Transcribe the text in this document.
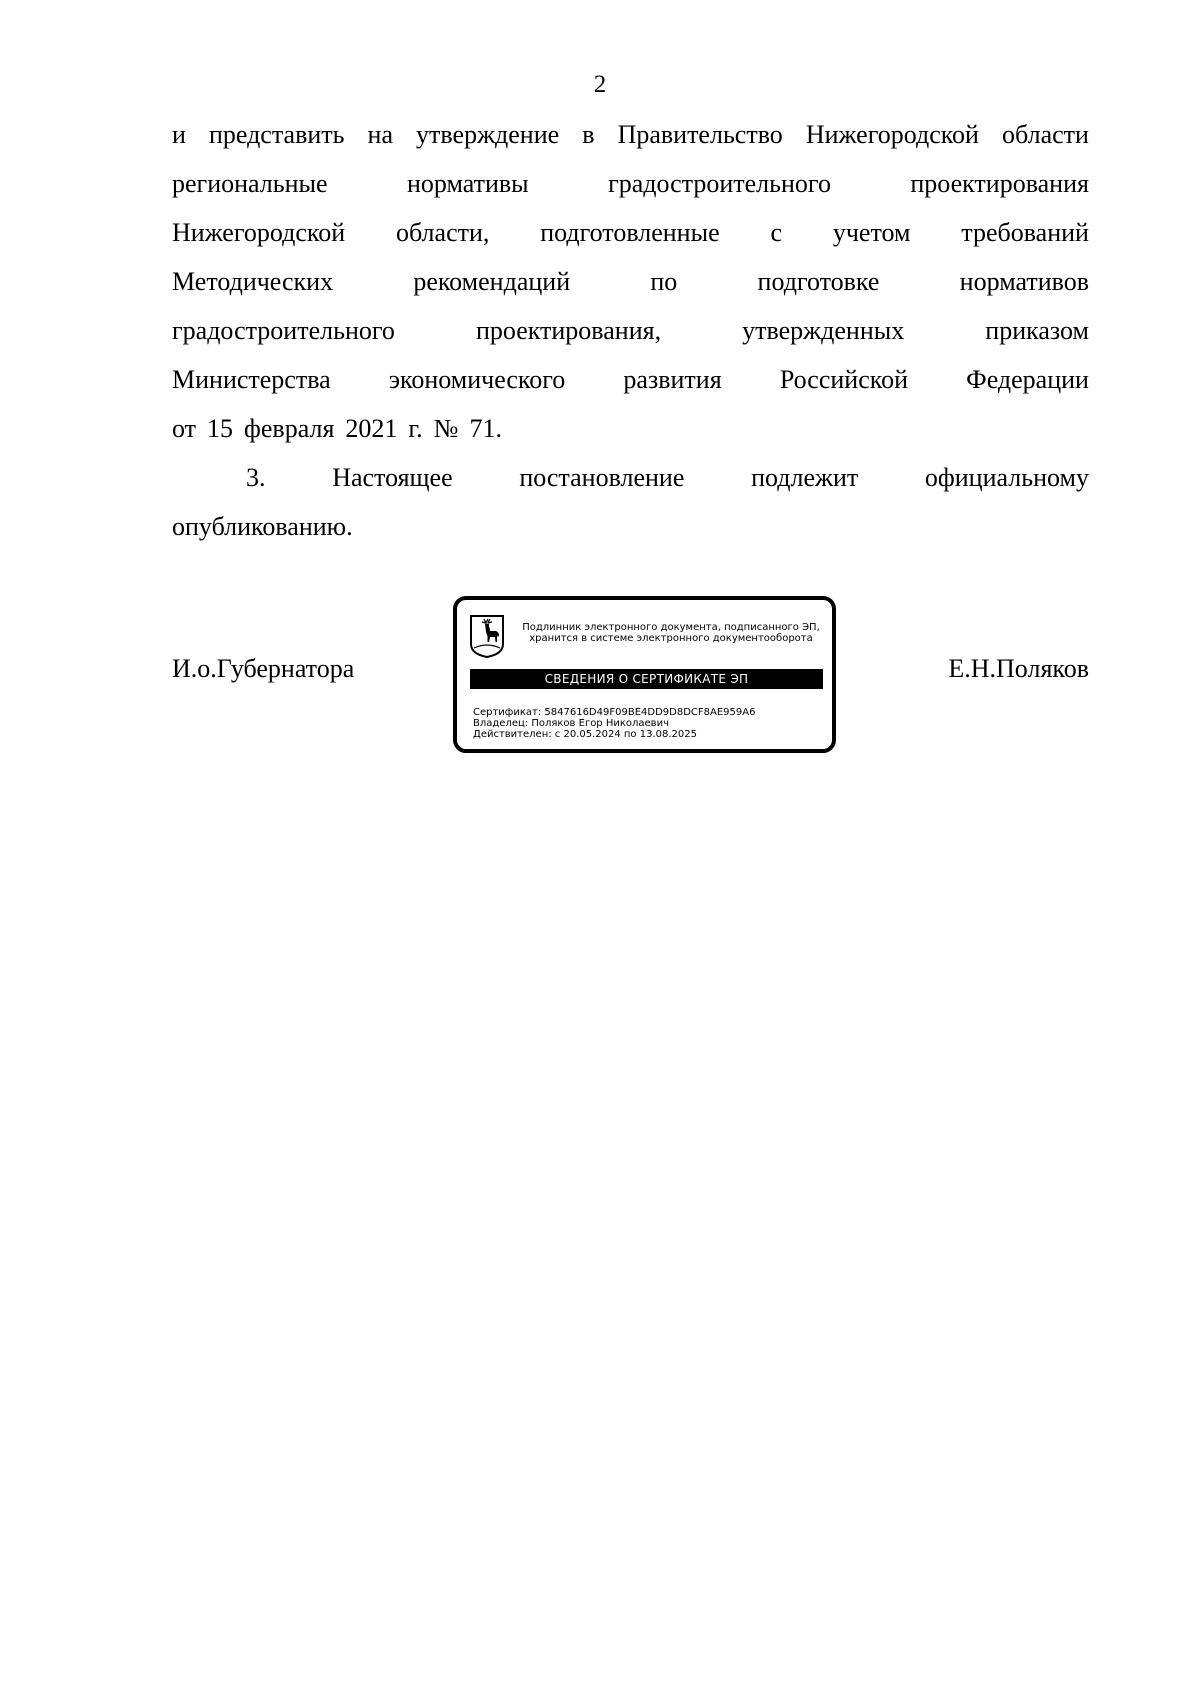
2
и представить на утверждение в Правительство Нижегородской области
региональные	нормативы	градостроительного	проектирования
Нижегородской области, подготовленные с учетом требований
Методических	рекомендаций	по	подготовке	нормативов
градостроительного	проектирования,	утвержденных	приказом
Министерства экономического развития Российской Федерации
от 15 февраля 2021 г. № 71.
3.	Настоящее	постановление	подлежит	официальному
опубликованию.
И.о.Губернатора
Подлинник электронного документа, подписанного ЭП,
хранится в системе электронного документооборота
СВЕДЕНИЯ О СЕРТИФИКАТЕ ЭП
Сертификат: 5847616D49F09BE4DD9D8DCF8AE959A6
Владелец: Поляков Егор Николаевич
Действителен: с 20.05.2024 по 13.08.2025
Е.Н.Поляков
